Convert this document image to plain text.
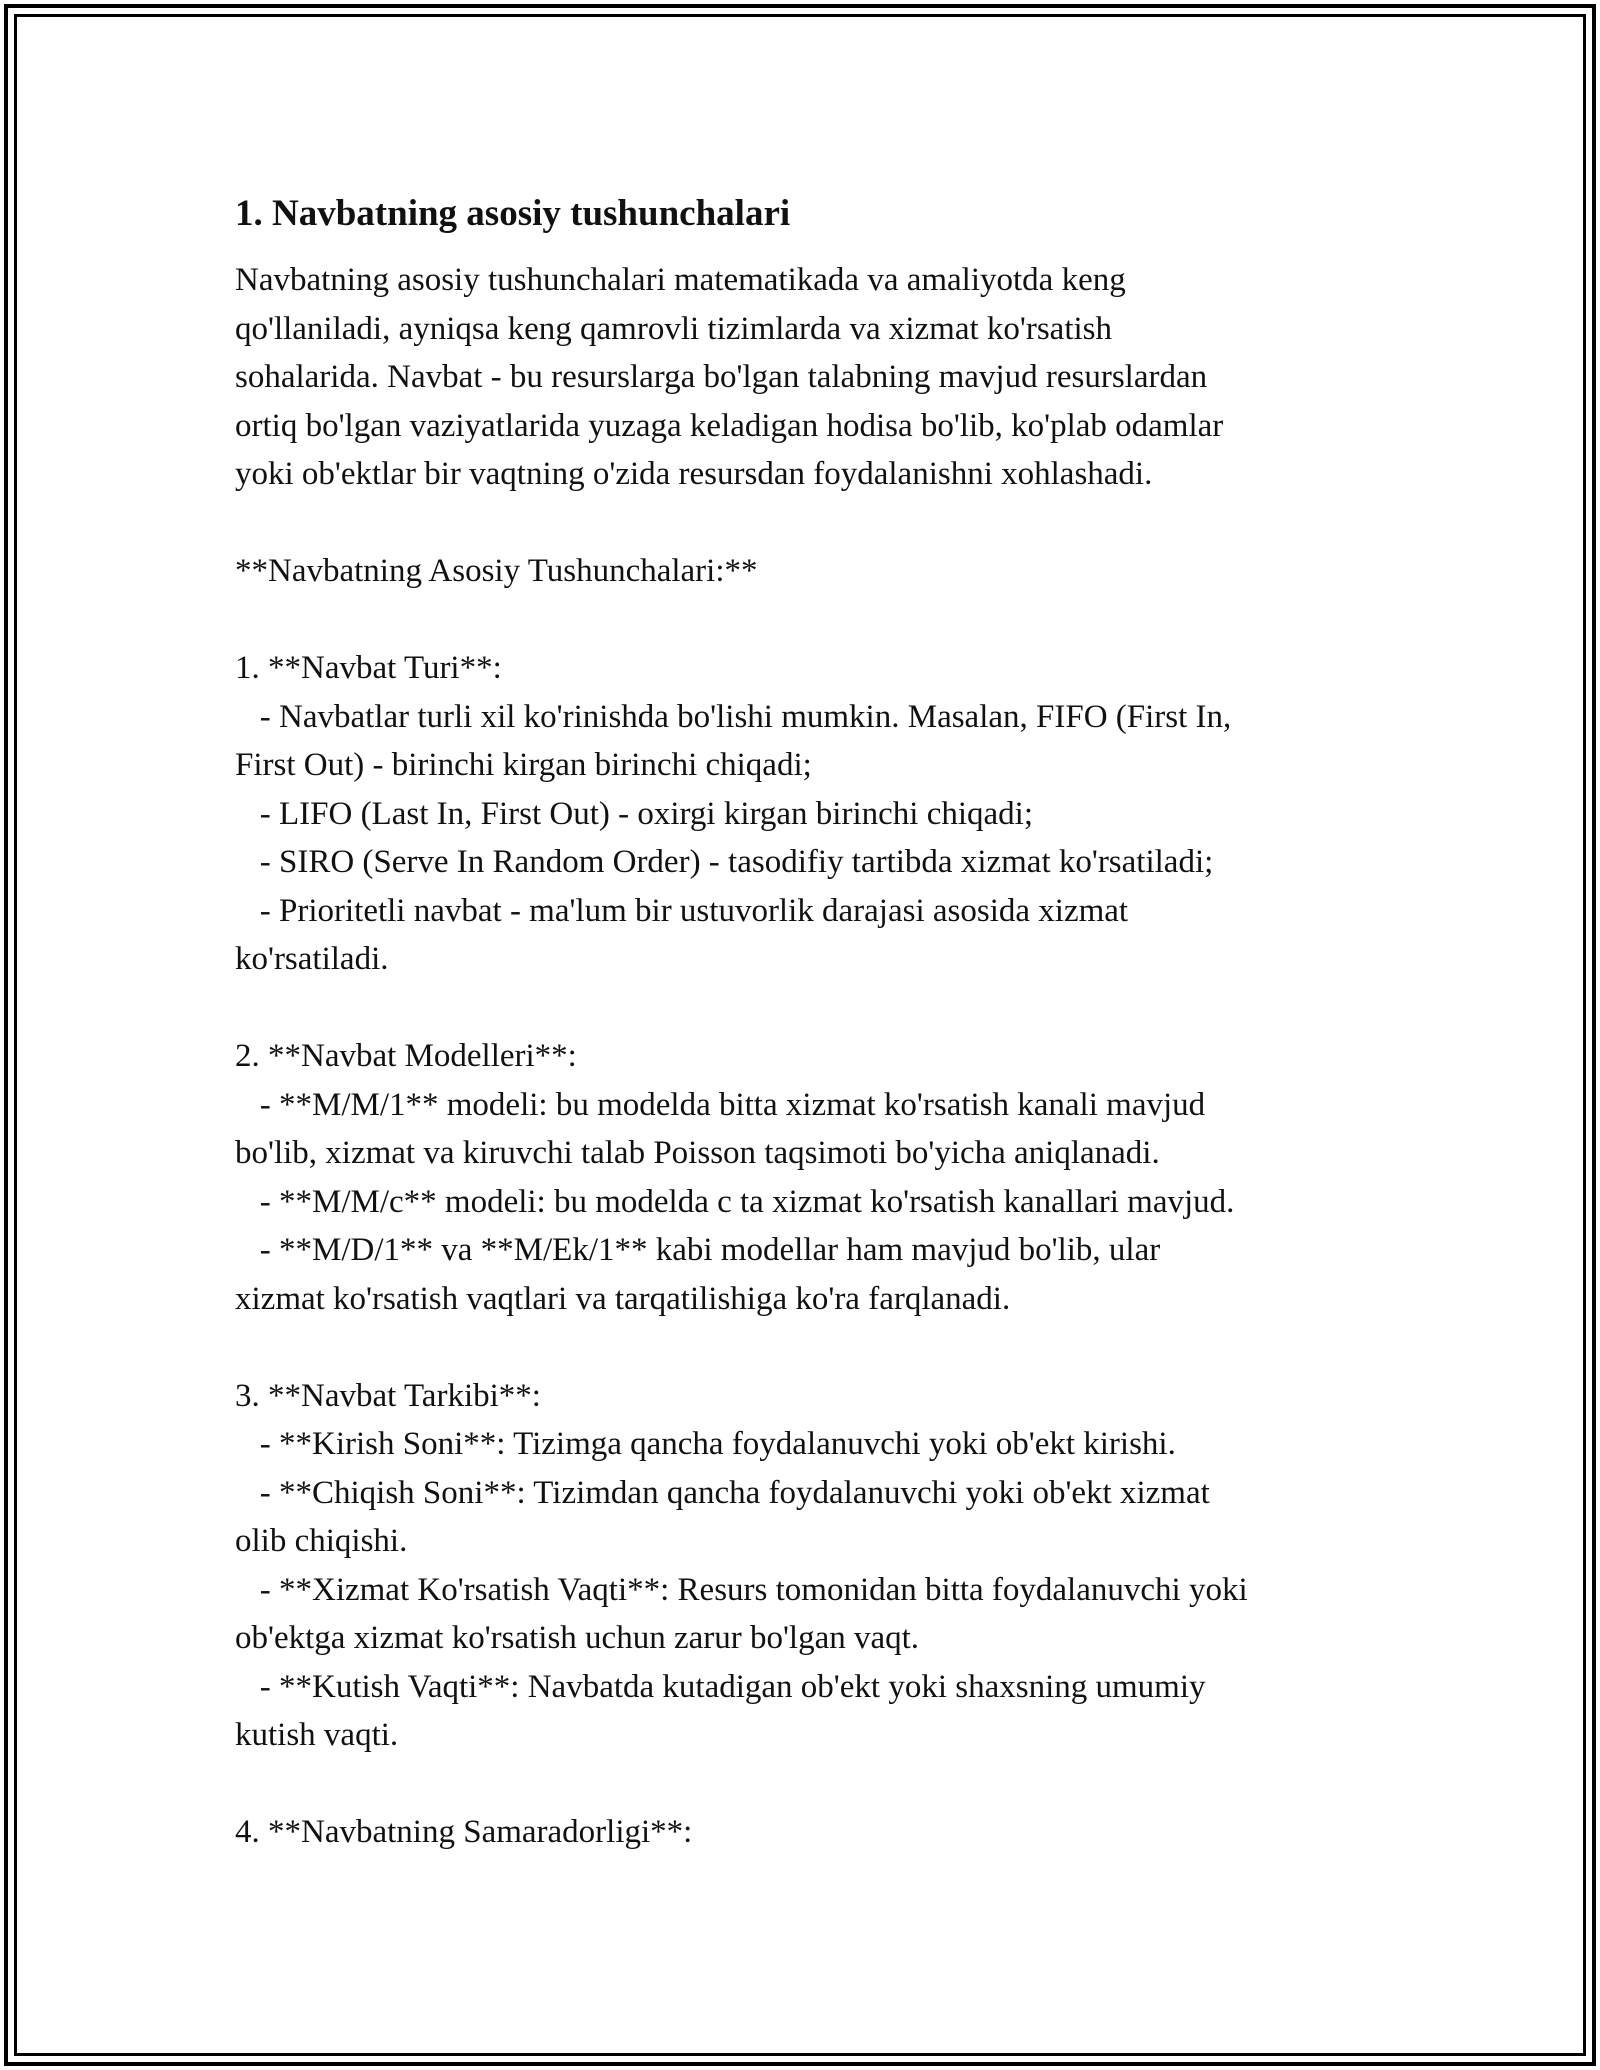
1. Navbatning asosiy tushunchalari
Navbatning asosiy tushunchalari matematikada va amaliyotda keng
qo'llaniladi, ayniqsa keng qamrovli tizimlarda va xizmat ko'rsatish
sohalarida. Navbat - bu resurslarga bo'lgan talabning mavjud resurslardan
ortiq bo'lgan vaziyatlarida yuzaga keladigan hodisa bo'lib, ko'plab odamlar
yoki ob'ektlar bir vaqtning o'zida resursdan foydalanishni xohlashadi.
**Navbatning Asosiy Tushunchalari:**
1. **Navbat Turi**:
- Navbatlar turli xil ko'rinishda bo'lishi mumkin. Masalan, FIFO (First In,
First Out) - birinchi kirgan birinchi chiqadi;
- LIFO (Last In, First Out) - oxirgi kirgan birinchi chiqadi;
- SIRO (Serve In Random Order) - tasodifiy tartibda xizmat ko'rsatiladi;
- Prioritetli navbat - ma'lum bir ustuvorlik darajasi asosida xizmat
ko'rsatiladi.
2. **Navbat Modelleri**:
- **M/M/1** modeli: bu modelda bitta xizmat ko'rsatish kanali mavjud
bo'lib, xizmat va kiruvchi talab Poisson taqsimoti bo'yicha aniqlanadi.
- **M/M/c** modeli: bu modelda c ta xizmat ko'rsatish kanallari mavjud.
- **M/D/1** va **M/Ek/1** kabi modellar ham mavjud bo'lib, ular
xizmat ko'rsatish vaqtlari va tarqatilishiga ko'ra farqlanadi.
3. **Navbat Tarkibi**:
- **Kirish Soni**: Tizimga qancha foydalanuvchi yoki ob'ekt kirishi.
- **Chiqish Soni**: Tizimdan qancha foydalanuvchi yoki ob'ekt xizmat
olib chiqishi.
- **Xizmat Ko'rsatish Vaqti**: Resurs tomonidan bitta foydalanuvchi yoki
ob'ektga xizmat ko'rsatish uchun zarur bo'lgan vaqt.
- **Kutish Vaqti**: Navbatda kutadigan ob'ekt yoki shaxsning umumiy
kutish vaqti.
4. **Navbatning Samaradorligi**:
